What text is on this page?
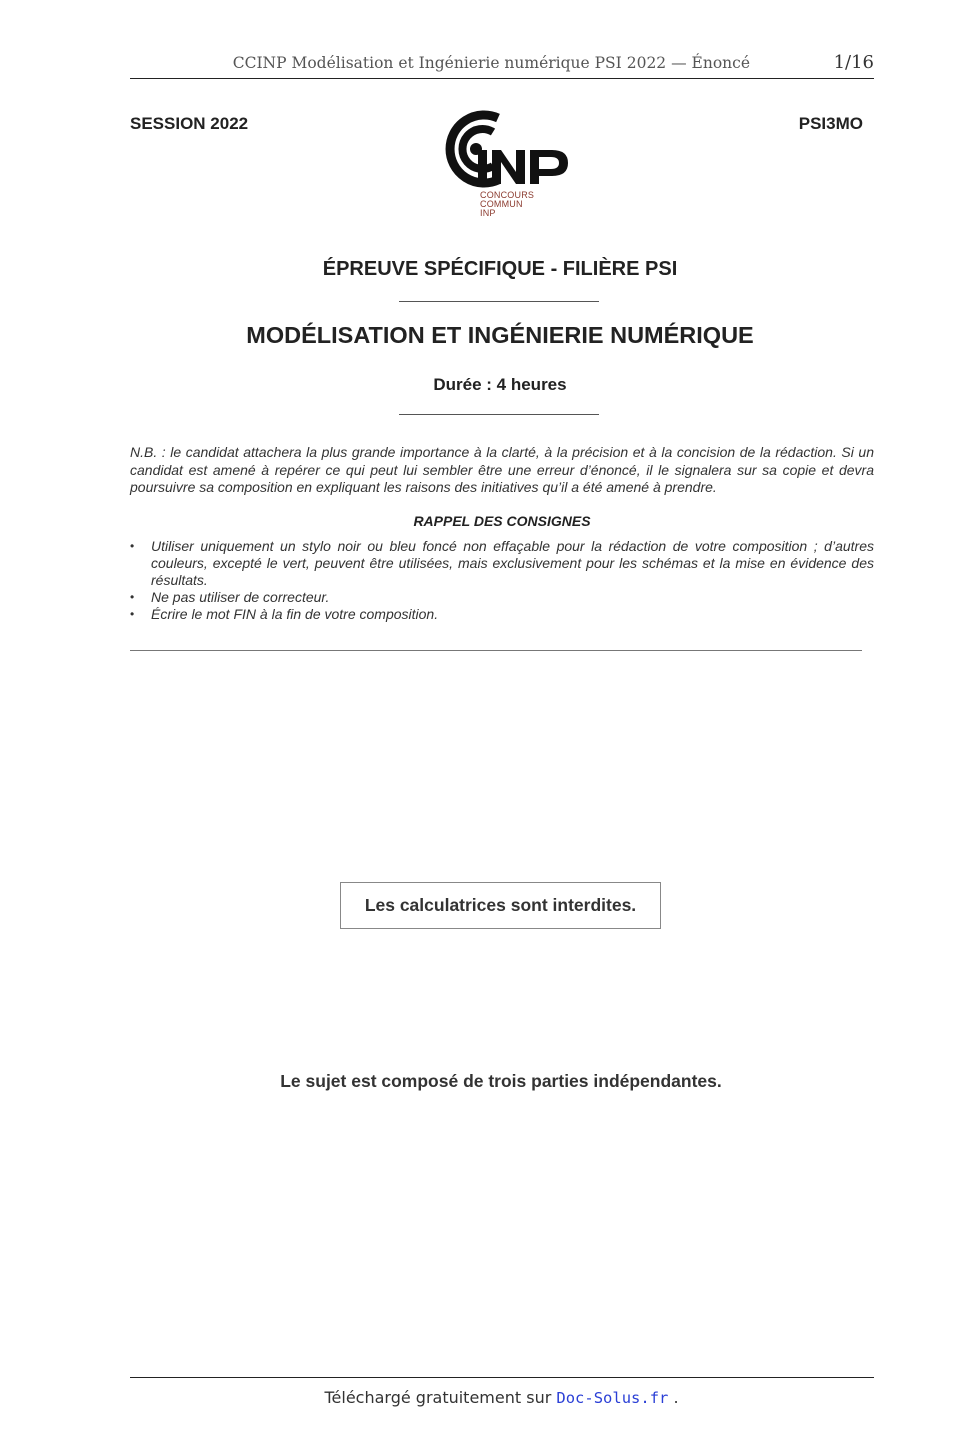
CCINP Modélisation et Ingénierie numérique PSI 2022 — Énoncé	1/16
SESSION 2022	PSI3MO
CONCOURS
COMMUN
INP
ÉPREUVE SPÉCIFIQUE - FILIÈRE PSI
MODÉLISATION ET INGÉNIERIE NUMÉRIQUE
Durée : 4 heures
N.B. : le candidat attachera la plus grande importance à la clarté, à la précision et à la concision de la rédaction. Si un candidat est amené à repérer ce qui peut lui sembler être une erreur d’énoncé, il le signalera sur sa copie et devra poursuivre sa composition en expliquant les raisons des initiatives qu’il a été amené à prendre.
RAPPEL DES CONSIGNES
• Utiliser uniquement un stylo noir ou bleu foncé non effaçable pour la rédaction de votre composition ; d’autres couleurs, excepté le vert, peuvent être utilisées, mais exclusivement pour les schémas et la mise en évidence des résultats.
• Ne pas utiliser de correcteur.
• Écrire le mot FIN à la fin de votre composition.
Les calculatrices sont interdites.
Le sujet est composé de trois parties indépendantes.
Téléchargé gratuitement sur Doc-Solus.fr .
